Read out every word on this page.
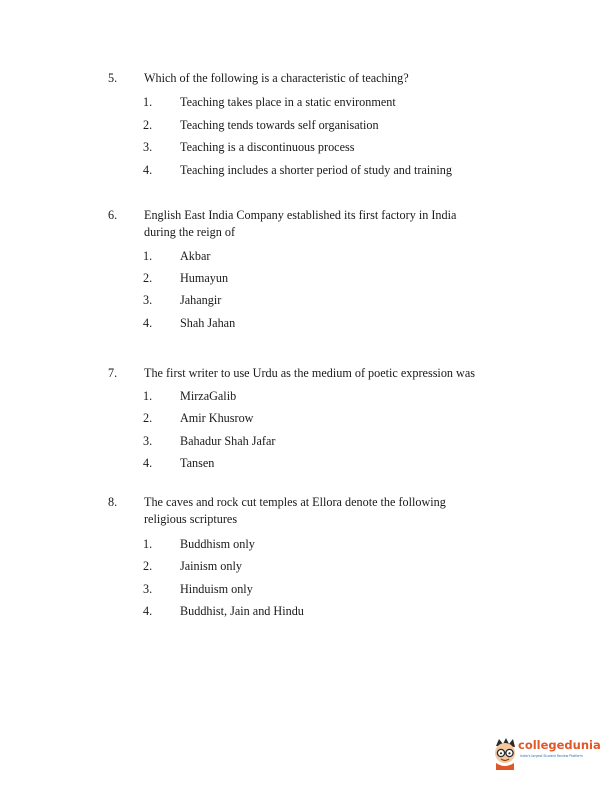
5. Which of the following is a characteristic of teaching?
1. Teaching takes place in a static environment
2. Teaching tends towards self organisation
3. Teaching is a discontinuous process
4. Teaching includes a shorter period of study and training
6. English East India Company established its first factory in India during the reign of
1. Akbar
2. Humayun
3. Jahangir
4. Shah Jahan
7. The first writer to use Urdu as the medium of poetic expression was
1. MirzaGalib
2. Amir Khusrow
3. Bahadur Shah Jafar
4. Tansen
8. The caves and rock cut temples at Ellora denote the following religious scriptures
1. Buddhism only
2. Jainism only
3. Hinduism only
4. Buddhist, Jain and Hindu
collegedunia
India's largest Student Review Platform
